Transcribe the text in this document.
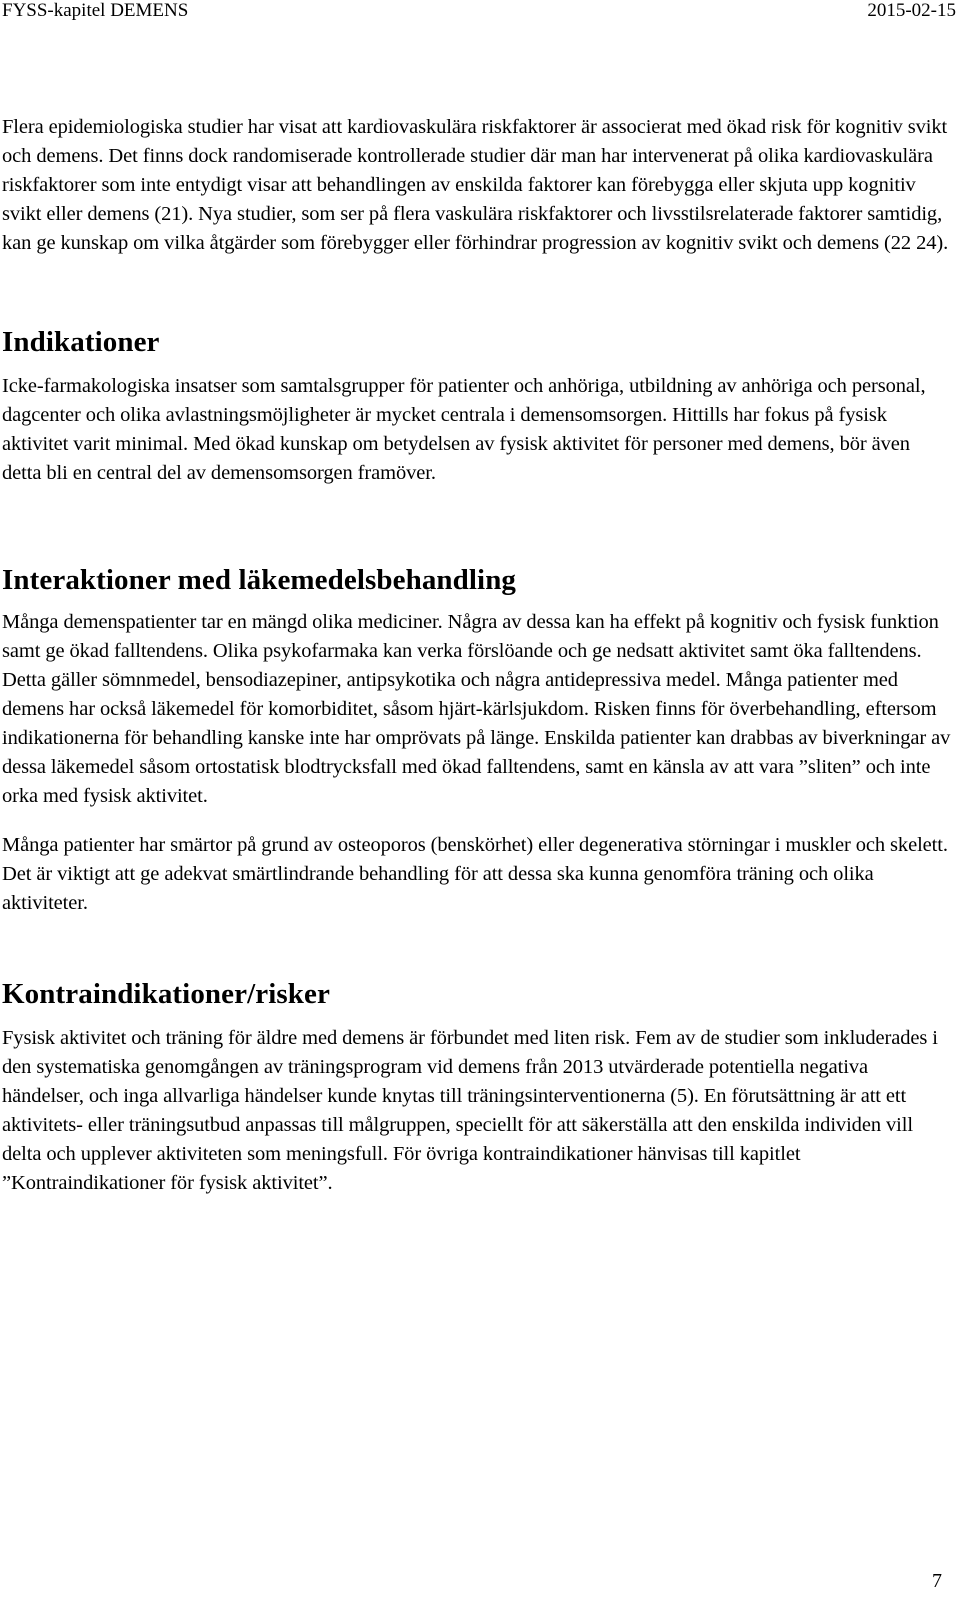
FYSS-kapitel DEMENS	2015-02-15

Flera epidemiologiska studier har visat att kardiovaskulära riskfaktorer är associerat med ökad risk för kognitiv svikt och demens. Det finns dock randomiserade kontrollerade studier där man har intervenerat på olika kardiovaskulära riskfaktorer som inte entydigt visar att behandlingen av enskilda faktorer kan förebygga eller skjuta upp kognitiv svikt eller demens (21). Nya studier, som ser på flera vaskulära riskfaktorer och livsstilsrelaterade faktorer samtidig, kan ge kunskap om vilka åtgärder som förebygger eller förhindrar progression av kognitiv svikt och demens (22 24).

Indikationer

Icke-farmakologiska insatser som samtalsgrupper för patienter och anhöriga, utbildning av anhöriga och personal, dagcenter och olika avlastningsmöjligheter är mycket centrala i demensomsorgen. Hittills har fokus på fysisk aktivitet varit minimal. Med ökad kunskap om betydelsen av fysisk aktivitet för personer med demens, bör även detta bli en central del av demensomsorgen framöver.

Interaktioner med läkemedelsbehandling

Många demenspatienter tar en mängd olika mediciner. Några av dessa kan ha effekt på kognitiv och fysisk funktion samt ge ökad falltendens. Olika psykofarmaka kan verka förslöande och ge nedsatt aktivitet samt öka falltendens. Detta gäller sömnmedel, bensodiazepiner, antipsykotika och några antidepressiva medel. Många patienter med demens har också läkemedel för komorbiditet, såsom hjärt-kärlsjukdom. Risken finns för överbehandling, eftersom indikationerna för behandling kanske inte har omprövats på länge. Enskilda patienter kan drabbas av biverkningar av dessa läkemedel såsom ortostatisk blodtrycksfall med ökad falltendens, samt en känsla av att vara ”sliten” och inte orka med fysisk aktivitet.

Många patienter har smärtor på grund av osteoporos (benskörhet) eller degenerativa störningar i muskler och skelett. Det är viktigt att ge adekvat smärtlindrande behandling för att dessa ska kunna genomföra träning och olika aktiviteter.

Kontraindikationer/risker

Fysisk aktivitet och träning för äldre med demens är förbundet med liten risk. Fem av de studier som inkluderades i den systematiska genomgången av träningsprogram vid demens från 2013 utvärderade potentiella negativa händelser, och inga allvarliga händelser kunde knytas till träningsinterventionerna (5). En förutsättning är att ett aktivitets- eller träningsutbud anpassas till målgruppen, speciellt för att säkerställa att den enskilda individen vill delta och upplever aktiviteten som meningsfull. För övriga kontraindikationer hänvisas till kapitlet ”Kontraindikationer för fysisk aktivitet”.

7
